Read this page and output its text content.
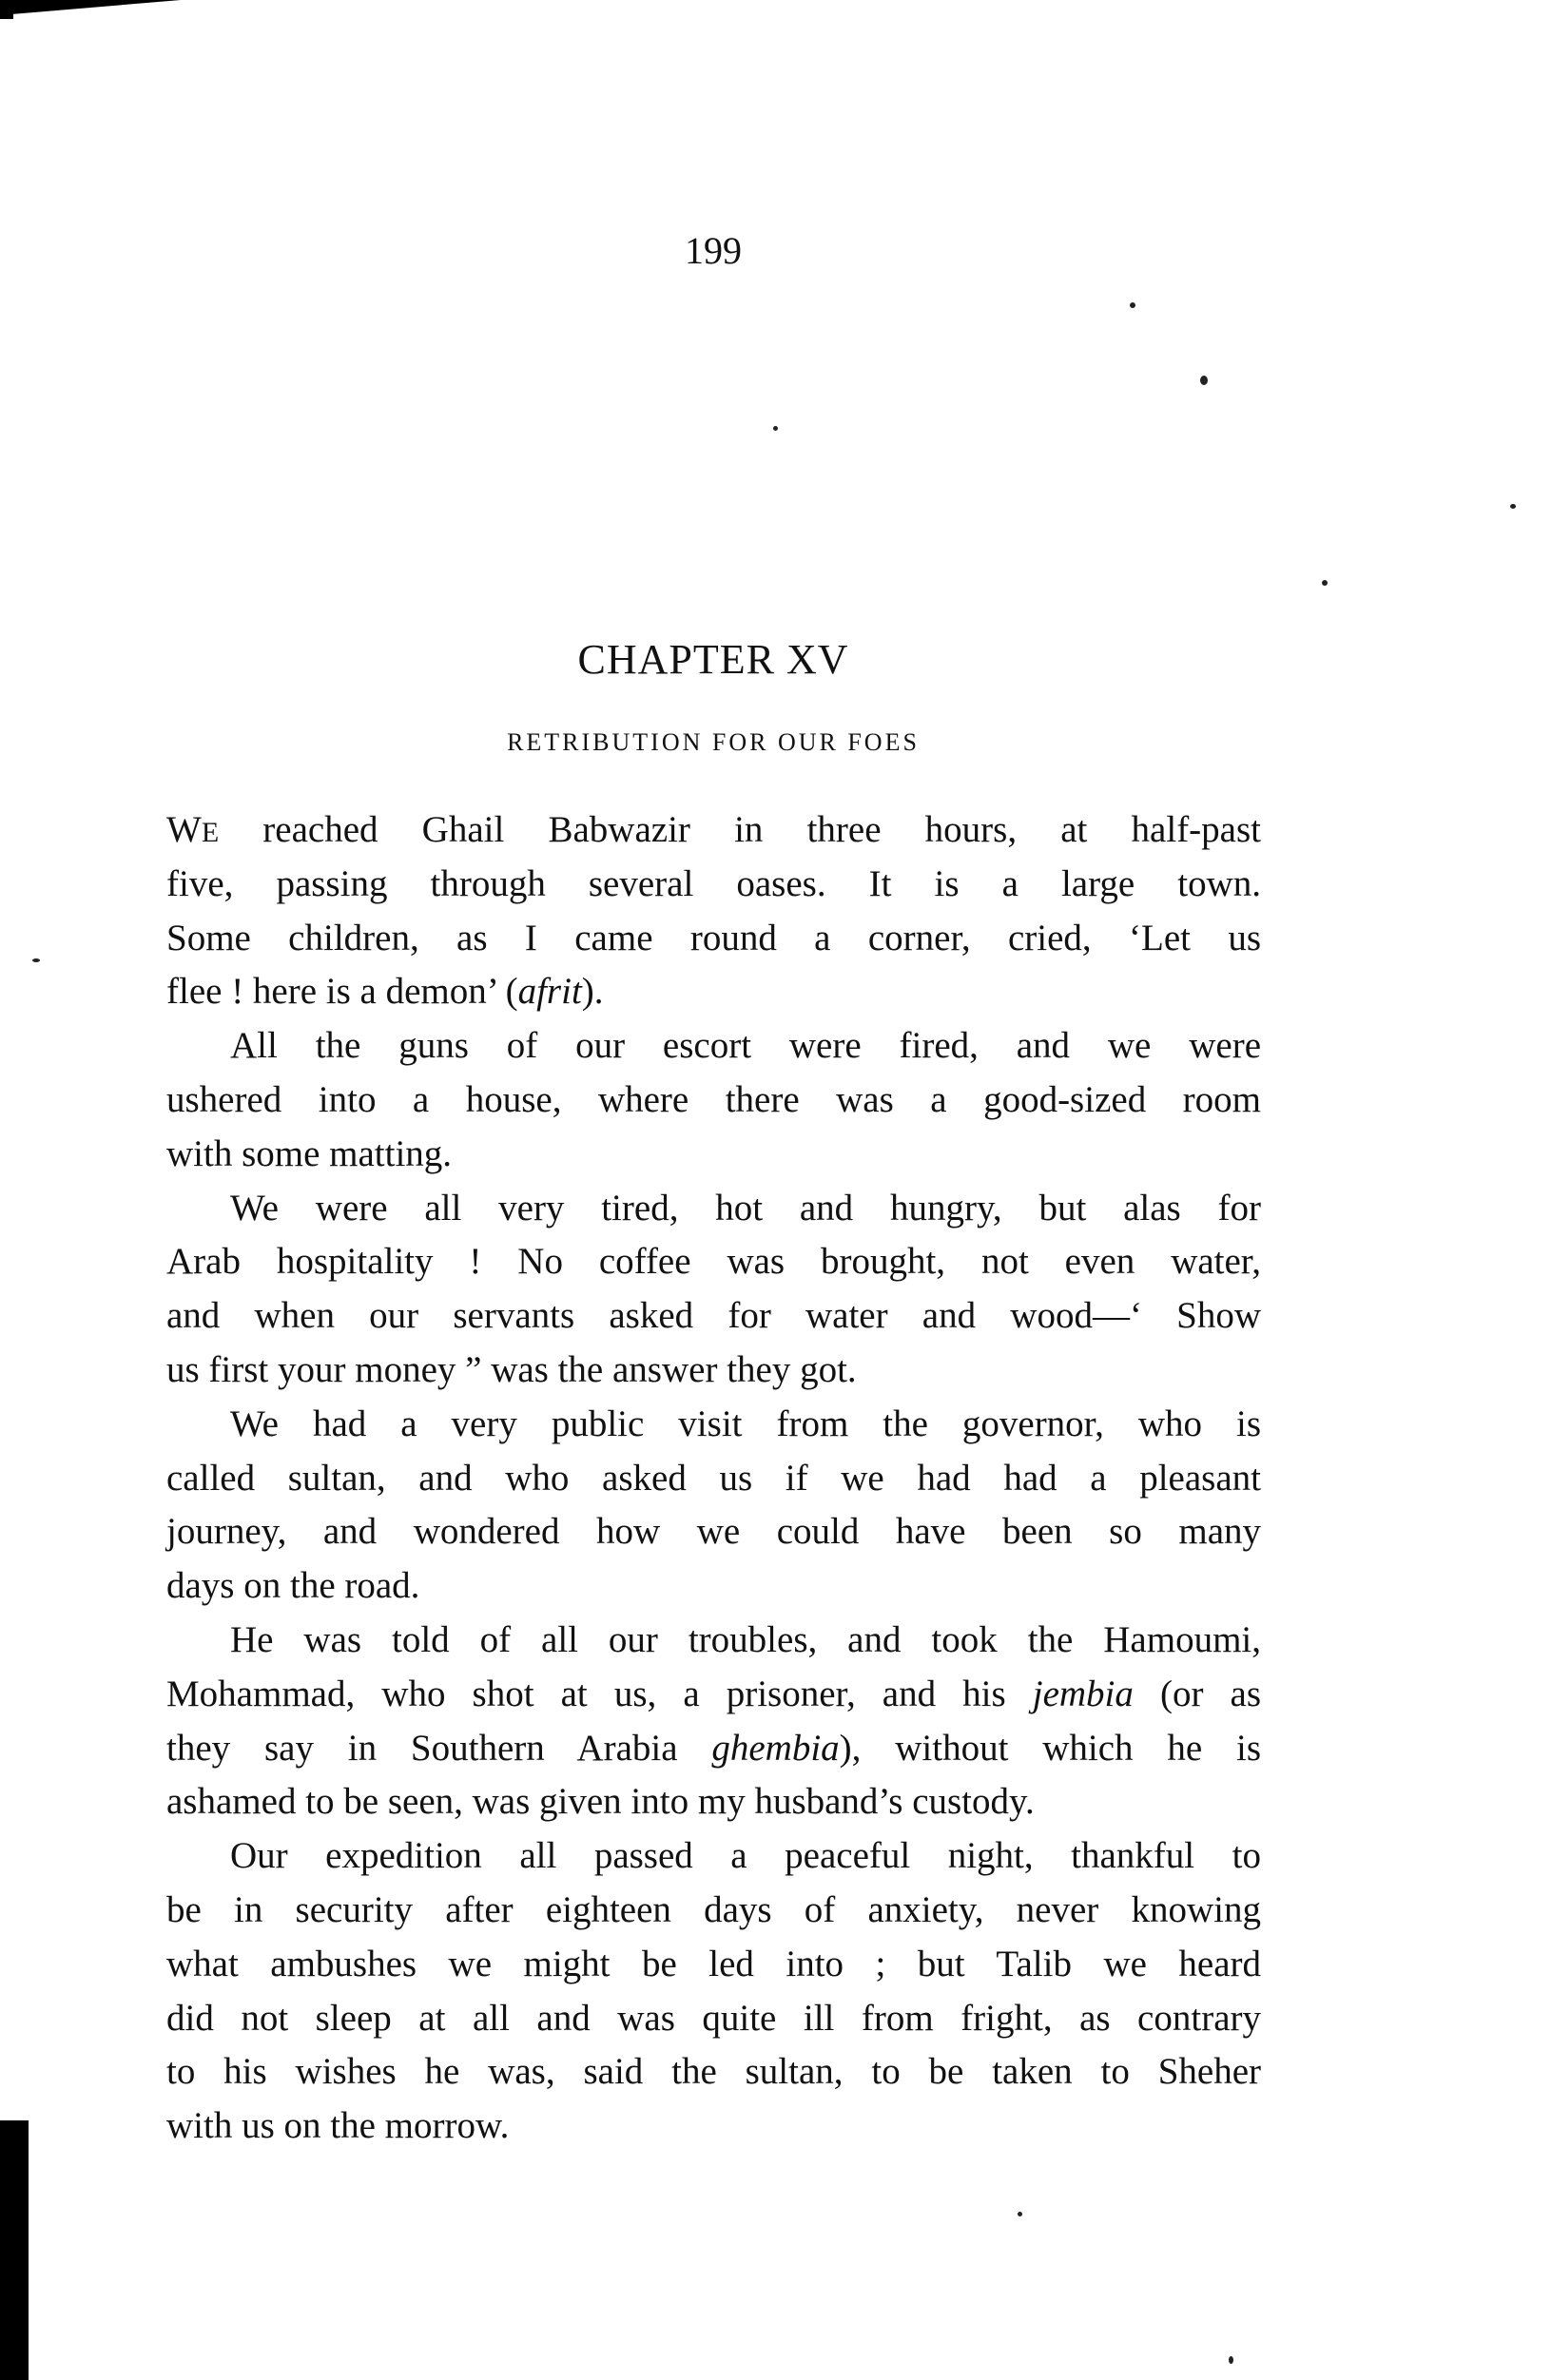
199
CHAPTER XV
RETRIBUTION FOR OUR FOES
WE reached Ghail Babwazir in three hours, at half-past
five, passing through several oases. It is a large town.
Some children, as I came round a corner, cried, ‘Let us
flee ! here is a demon’ (afrit).
All the guns of our escort were fired, and we were
ushered into a house, where there was a good-sized room
with some matting.
We were all very tired, hot and hungry, but alas for
Arab hospitality ! No coffee was brought, not even water,
and when our servants asked for water and wood—‘ Show
us first your money ” was the answer they got.
We had a very public visit from the governor, who is
called sultan, and who asked us if we had had a pleasant
journey, and wondered how we could have been so many
days on the road.
He was told of all our troubles, and took the Hamoumi,
Mohammad, who shot at us, a prisoner, and his jembia (or as
they say in Southern Arabia ghembia), without which he is
ashamed to be seen, was given into my husband’s custody.
Our expedition all passed a peaceful night, thankful to
be in security after eighteen days of anxiety, never knowing
what ambushes we might be led into ; but Talib we heard
did not sleep at all and was quite ill from fright, as contrary
to his wishes he was, said the sultan, to be taken to Sheher
with us on the morrow.
